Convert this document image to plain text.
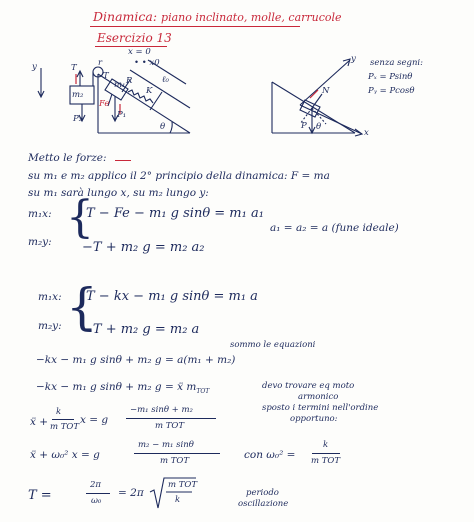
Dinamica: piano inclinato, molle, carrucole
Esercizio 13
y	T
m₂
P₂
r
x = 0
• • x0
m₁
T R
Fe
K
P₁
ℓ₀
θ
y
x
N
θ
P
senza segni:
Pₓ = Psinθ
Pᵧ = Pcosθ
Metto le forze:
su m₁ e m₂ applico il 2° principio della dinamica: F = ma
su m₁ sarà lungo x, su m₂ lungo y:
m₁x: {
T − Fe − m₁ g sinθ = m₁ a₁
m₂y: −T + m₂ g = m₂ a₂
a₁ = a₂ = a (fune ideale)
m₁x: {
T − kx − m₁ g sinθ = m₁ a
m₂y: −T + m₂ g = m₂ a
sommo le equazioni
−kx − m₁ g sinθ + m₂ g = a(m₁ + m₂)
−kx − m₁ g sinθ + m₂ g = ẍ $m_{TOT}$
devo trovare eq moto
armonico
sposto i termini nell'ordine
opportuno:
ẍ +
k
m TOT
x = g
−m₁ sinθ + m₂
m TOT
ẍ + ω₀² x = g
m₂ − m₁ sinθ
m TOT	con ω₀² =
k
m TOT
T =
2π
ω₀
= 2π
m TOT
k
periodo
oscillazione
